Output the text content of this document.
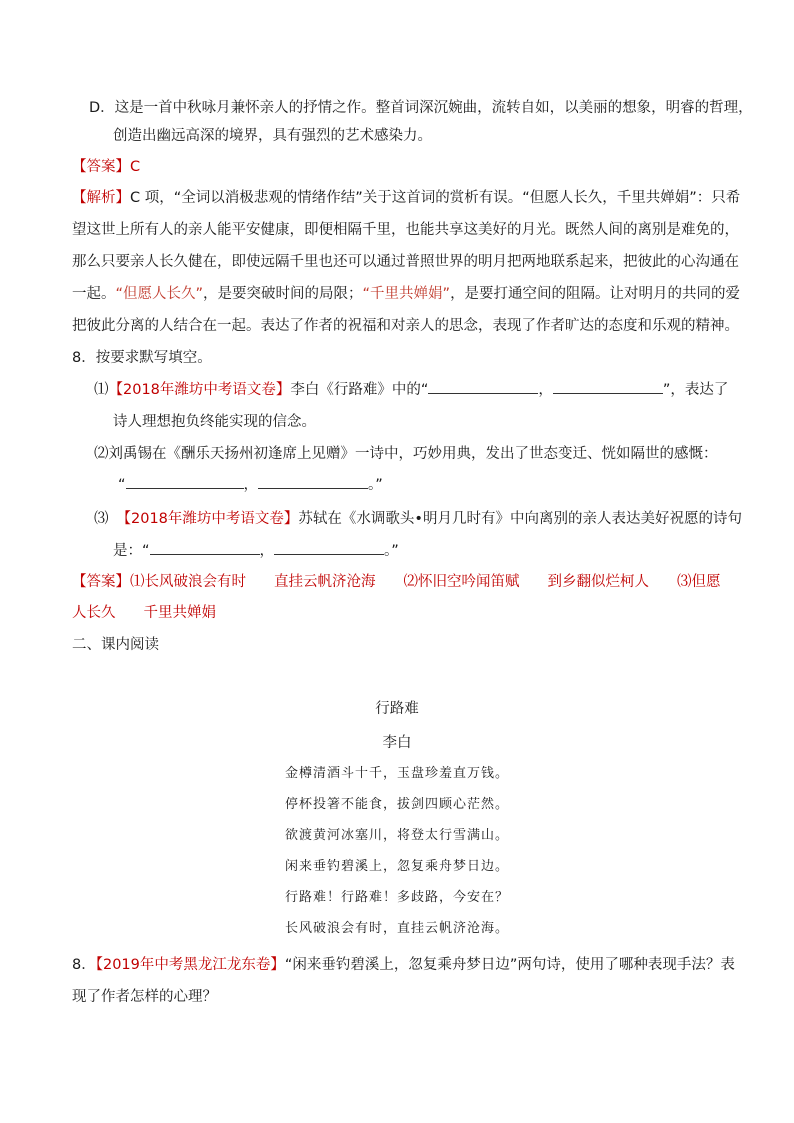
D．这是一首中秋咏月兼怀亲人的抒情之作。整首词深沉婉曲，流转自如，以美丽的想象，明睿的哲理，
创造出幽远高深的境界，具有强烈的艺术感染力。
【答案】C
【解析】C 项，“全词以消极悲观的情绪作结”关于这首词的赏析有误。“但愿人长久，千里共婵娟”：只希
望这世上所有人的亲人能平安健康，即便相隔千里，也能共享这美好的月光。既然人间的离别是难免的，
那么只要亲人长久健在，即使远隔千里也还可以通过普照世界的明月把两地联系起来，把彼此的心沟通在
一起。“但愿人长久”，是要突破时间的局限；“千里共婵娟”，是要打通空间的阻隔。让对明月的共同的爱
把彼此分离的人结合在一起。表达了作者的祝福和对亲人的思念，表现了作者旷达的态度和乐观的精神。
8．按要求默写填空。
⑴【2018年潍坊中考语文卷】李白《行路难》中的“	，	”，表达了
诗人理想抱负终能实现的信念。
⑵刘禹锡在《酬乐天扬州初逢席上见赠》一诗中，巧妙用典，发出了世态变迁、恍如隔世的感慨：
“	，	。”
⑶ 【2018年潍坊中考语文卷】苏轼在《水调歌头•明月几时有》中向离别的亲人表达美好祝愿的诗句
是：“	，	。”
【答案】⑴长风破浪会有时 直挂云帆济沧海 ⑵怀旧空吟闻笛赋 到乡翻似烂柯人 ⑶但愿
人长久 千里共婵娟
二、课内阅读
行路难
李白
金樽清酒斗十千，玉盘珍羞直万钱。
停杯投箸不能食，拔剑四顾心茫然。
欲渡黄河冰塞川，将登太行雪满山。
闲来垂钓碧溪上，忽复乘舟梦日边。
行路难！行路难！多歧路，今安在？
长风破浪会有时，直挂云帆济沧海。
8．【2019年中考黑龙江龙东卷】“闲来垂钓碧溪上，忽复乘舟梦日边”两句诗，使用了哪种表现手法？表
现了作者怎样的心理？
